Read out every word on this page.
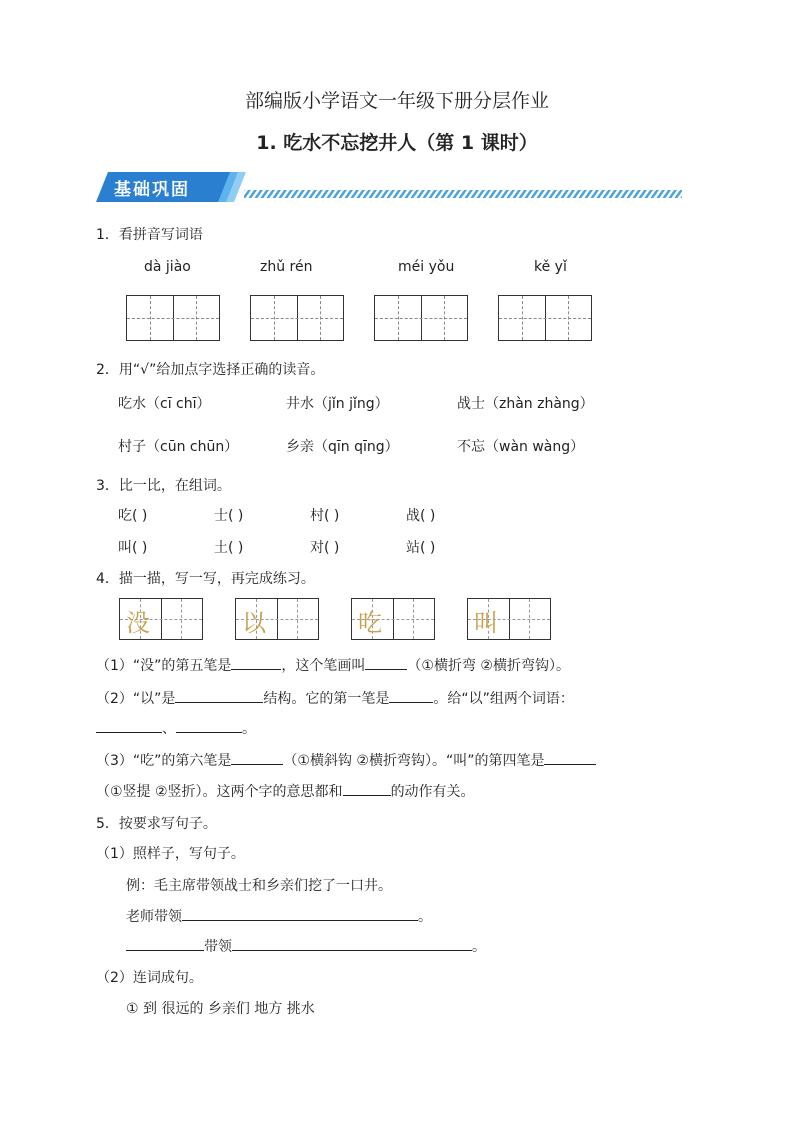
部编版小学语文一年级下册分层作业
1. 吃水不忘挖井人（第 1 课时）
基础巩固
1．看拼音写词语
dà jiào	zhǔ rén	méi yǒu	kě yǐ
2．用“√”给加点字选择正确的读音。
吃水（cī chī）	井水（jǐn jǐng）	战士（zhàn zhàng）
村子（cūn chūn）	乡亲（qīn qīng）	不忘（wàn wàng）
3．比一比，在组词。
吃( )	士( )	村( )	战( )
叫( )	土( )	对( )	站( )
4．描一描，写一写，再完成练习。
没	以	吃	叫
（1）“没”的第五笔是	，这个笔画叫	（①横折弯 ②横折弯钩）。
（2）“以”是	结构。它的第一笔是	。给“以”组两个词语：
、	。
（3）“吃”的第六笔是	（①横斜钩 ②横折弯钩）。“叫”的第四笔是
（①竖提 ②竖折）。这两个字的意思都和	的动作有关。
5．按要求写句子。
（1）照样子，写句子。
例：毛主席带领战士和乡亲们挖了一口井。
老师带领	。
带领	。
（2）连词成句。
① 到 很远的 乡亲们 地方 挑水
